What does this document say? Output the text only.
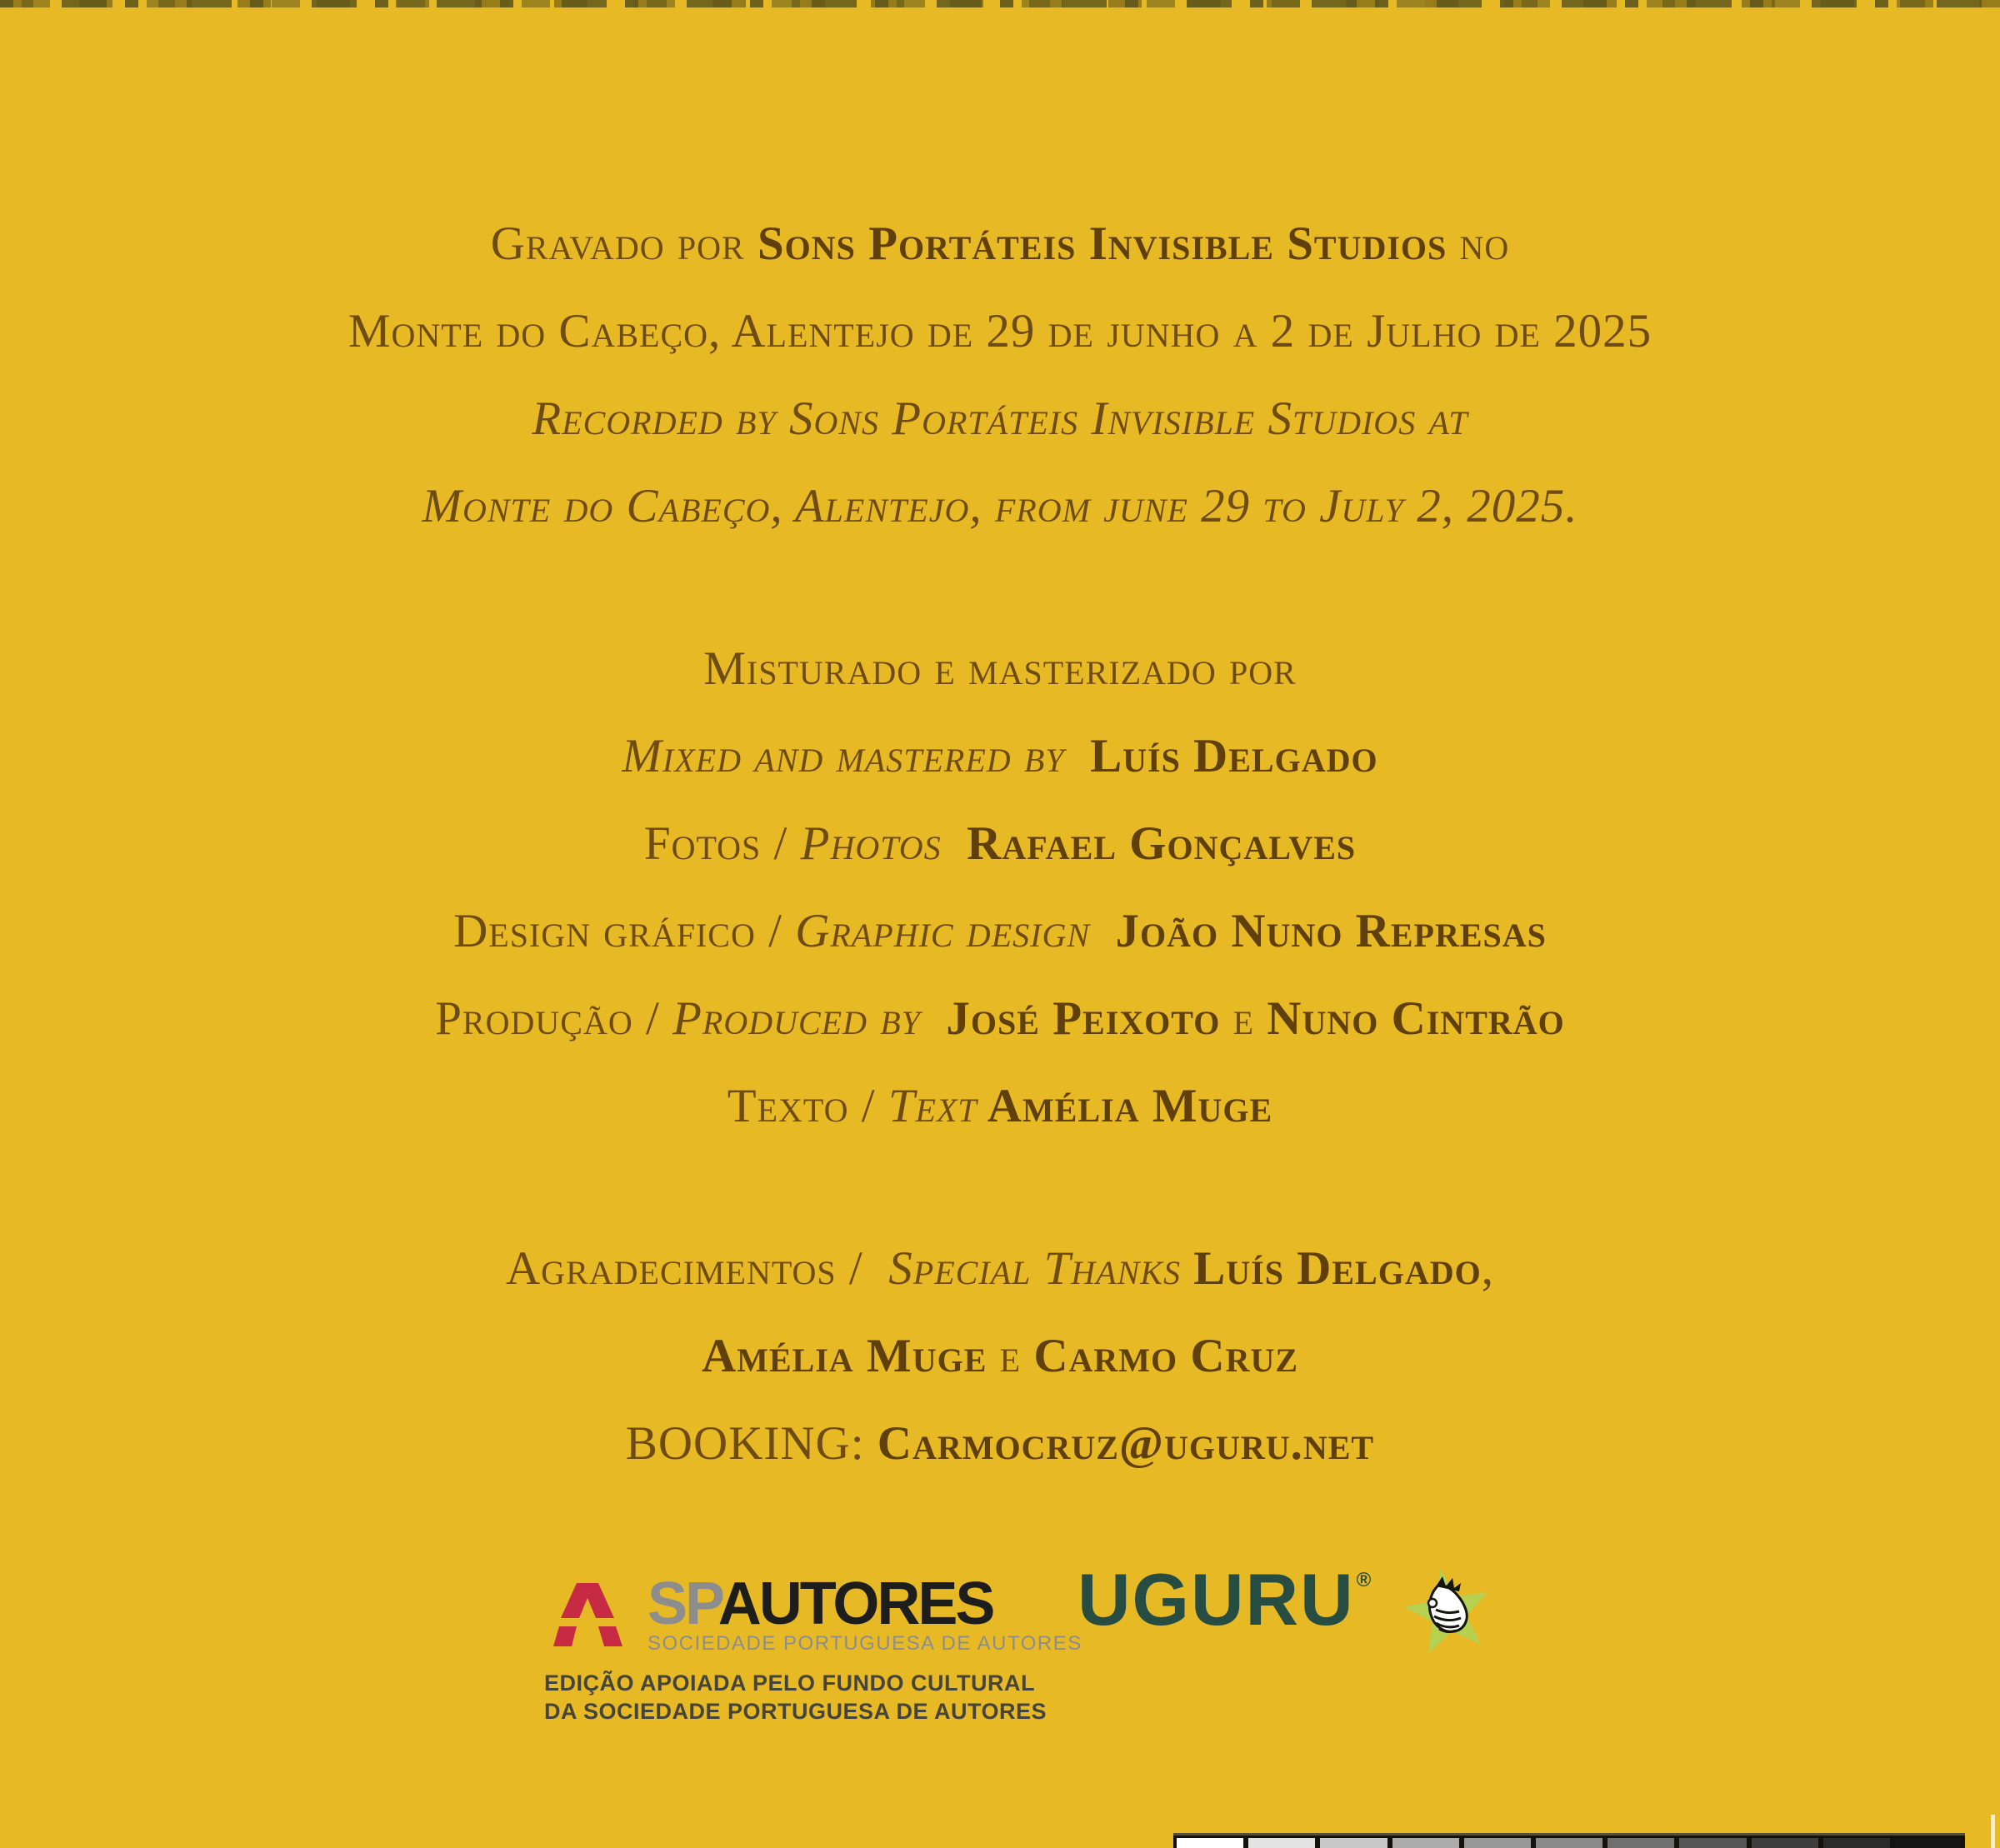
Gravado por Sons Portáteis Invisible Studios no
Monte do Cabeço, Alentejo de 29 de junho a 2 de Julho de 2025
Recorded by Sons Portáteis Invisible Studios at
Monte do Cabeço, Alentejo, from june 29 to July 2, 2025.
Misturado e masterizado por
Mixed and mastered by  Luís Delgado
Fotos / Photos  Rafael Gonçalves
Design gráfico / Graphic design  João Nuno Represas
Produção / Produced by  José Peixoto e Nuno Cintrão
Texto / Text Amélia Muge
Agradecimentos /  Special Thanks Luís Delgado,
Amélia Muge e Carmo Cruz
BOOKING: Carmocruz@uguru.net
SPAUTORES
SOCIEDADE PORTUGUESA DE AUTORES
EDIÇÃO APOIADA PELO FUNDO CULTURAL
DA SOCIEDADE PORTUGUESA DE AUTORES
UGURU®
